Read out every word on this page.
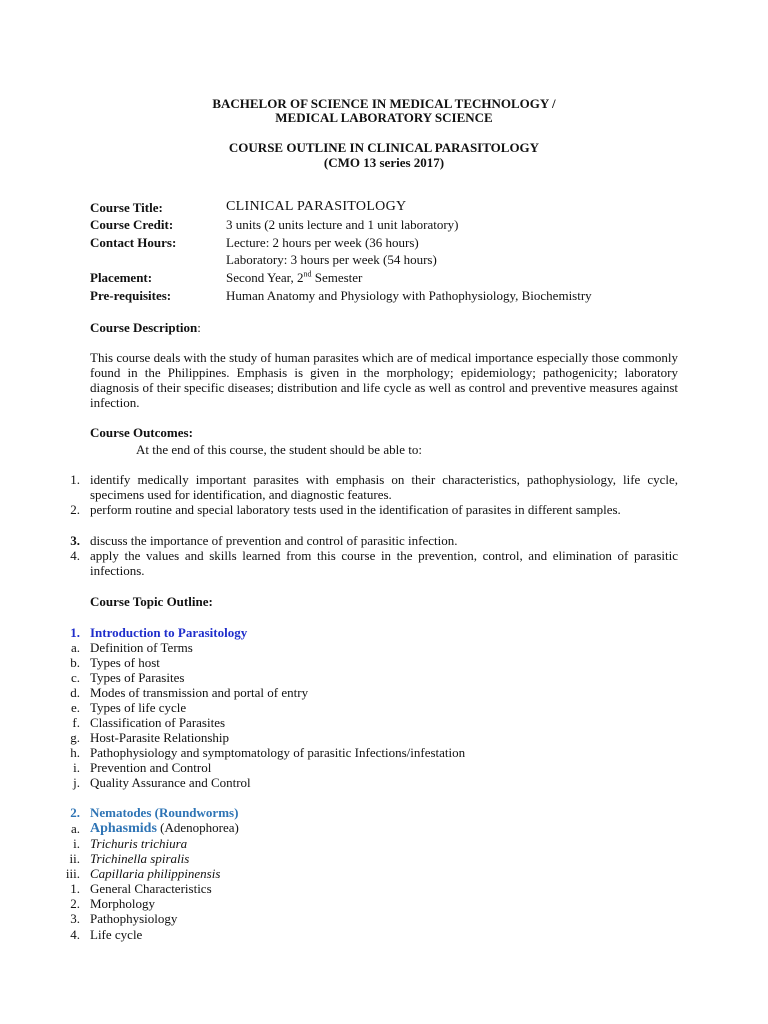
BACHELOR OF SCIENCE IN MEDICAL TECHNOLOGY /
MEDICAL LABORATORY SCIENCE
COURSE OUTLINE IN CLINICAL PARASITOLOGY
(CMO 13 series 2017)
Course Title:	CLINICAL PARASITOLOGY
Course Credit:	3 units (2 units lecture and 1 unit laboratory)
Contact Hours:	Lecture: 2 hours per week (36 hours)
Laboratory: 3 hours per week (54 hours)
Placement:	Second Year, 2nd Semester
Pre-requisites:	Human Anatomy and Physiology with Pathophysiology, Biochemistry
Course Description:
This course deals with the study of human parasites which are of medical importance especially those commonly found in the Philippines. Emphasis is given in the morphology; epidemiology; pathogenicity; laboratory diagnosis of their specific diseases; distribution and life cycle as well as control and preventive measures against infection.
Course Outcomes:
At the end of this course, the student should be able to:
1. identify medically important parasites with emphasis on their characteristics, pathophysiology, life cycle, specimens used for identification, and diagnostic features.
2. perform routine and special laboratory tests used in the identification of parasites in different samples.
3. discuss the importance of prevention and control of parasitic infection.
4. apply the values and skills learned from this course in the prevention, control, and elimination of parasitic infections.
Course Topic Outline:
1. Introduction to Parasitology
a. Definition of Terms
b. Types of host
c. Types of Parasites
d. Modes of transmission and portal of entry
e. Types of life cycle
f. Classification of Parasites
g. Host-Parasite Relationship
h. Pathophysiology and symptomatology of parasitic Infections/infestation
i. Prevention and Control
j. Quality Assurance and Control
2. Nematodes (Roundworms)
a. Aphasmids (Adenophorea)
i. Trichuris trichiura
ii. Trichinella spiralis
iii. Capillaria philippinensis
1. General Characteristics
2. Morphology
3. Pathophysiology
4. Life cycle
